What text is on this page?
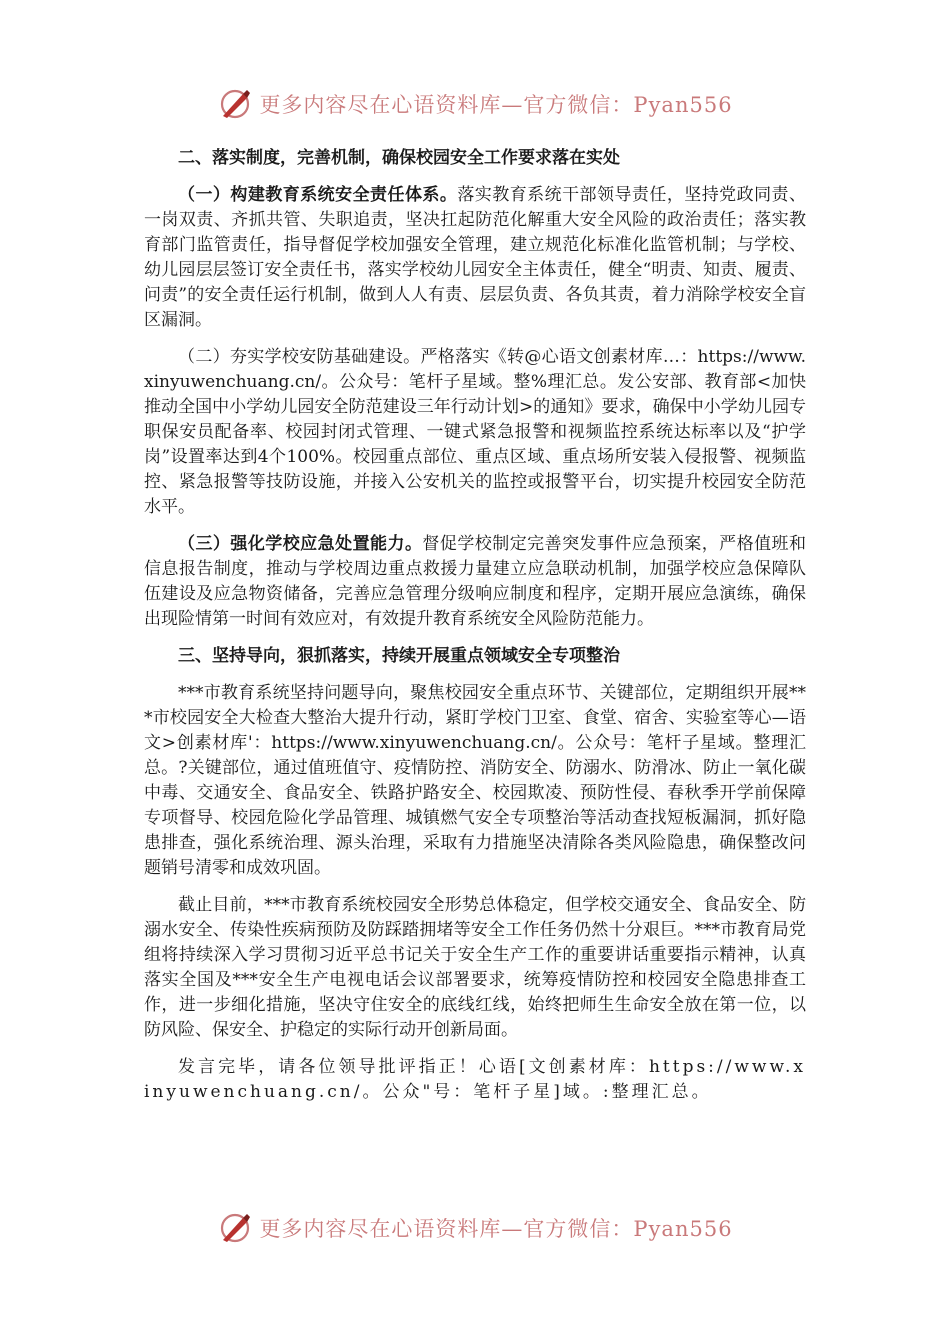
更多内容尽在心语资料库—官方微信：Pyan556
二、落实制度，完善机制，确保校园安全工作要求落在实处
（一）构建教育系统安全责任体系。落实教育系统干部领导责任，坚持党政同责、一岗双责、齐抓共管、失职追责，坚决扛起防范化解重大安全风险的政治责任；落实教育部门监管责任，指导督促学校加强安全管理，建立规范化标准化监管机制；与学校、幼儿园层层签订安全责任书，落实学校幼儿园安全主体责任，健全“明责、知责、履责、问责”的安全责任运行机制，做到人人有责、层层负责、各负其责，着力消除学校安全盲区漏洞。
（二）夯实学校安防基础建设。严格落实《转@心语文创素材库…：https://www.xinyuwenchuang.cn/。公众号：笔杆子星域。整%理汇总。发公安部、教育部<加快推动全国中小学幼儿园安全防范建设三年行动计划>的通知》要求，确保中小学幼儿园专职保安员配备率、校园封闭式管理、一键式紧急报警和视频监控系统达标率以及“护学岗”设置率达到4个100%。校园重点部位、重点区域、重点场所安装入侵报警、视频监控、紧急报警等技防设施，并接入公安机关的监控或报警平台，切实提升校园安全防范水平。
（三）强化学校应急处置能力。督促学校制定完善突发事件应急预案，严格值班和信息报告制度，推动与学校周边重点救援力量建立应急联动机制，加强学校应急保障队伍建设及应急物资储备，完善应急管理分级响应制度和程序，定期开展应急演练，确保出现险情第一时间有效应对，有效提升教育系统安全风险防范能力。
三、坚持导向，狠抓落实，持续开展重点领域安全专项整治
***市教育系统坚持问题导向，聚焦校园安全重点环节、关键部位，定期组织开展***市校园安全大检查大整治大提升行动，紧盯学校门卫室、食堂、宿舍、实验室等心—语文>创素材库'：https://www.xinyuwenchuang.cn/。公众号：笔杆子星域。整理汇总。?关键部位，通过值班值守、疫情防控、消防安全、防溺水、防滑冰、防止一氧化碳中毒、交通安全、食品安全、铁路护路安全、校园欺凌、预防性侵、春秋季开学前保障专项督导、校园危险化学品管理、城镇燃气安全专项整治等活动查找短板漏洞，抓好隐患排查，强化系统治理、源头治理，采取有力措施坚决清除各类风险隐患，确保整改问题销号清零和成效巩固。
截止目前，***市教育系统校园安全形势总体稳定，但学校交通安全、食品安全、防溺水安全、传染性疾病预防及防踩踏拥堵等安全工作任务仍然十分艰巨。***市教育局党组将持续深入学习贯彻习近平总书记关于安全生产工作的重要讲话重要指示精神，认真落实全国及***安全生产电视电话会议部署要求，统筹疫情防控和校园安全隐患排查工作，进一步细化措施，坚决守住安全的底线红线，始终把师生生命安全放在第一位，以防风险、保安全、护稳定的实际行动开创新局面。
发言完毕，请各位领导批评指正！心语[文创素材库：https://www.xinyuwenchuang.cn/。公众"号：笔杆子星]域。:整理汇总。
更多内容尽在心语资料库—官方微信：Pyan556
